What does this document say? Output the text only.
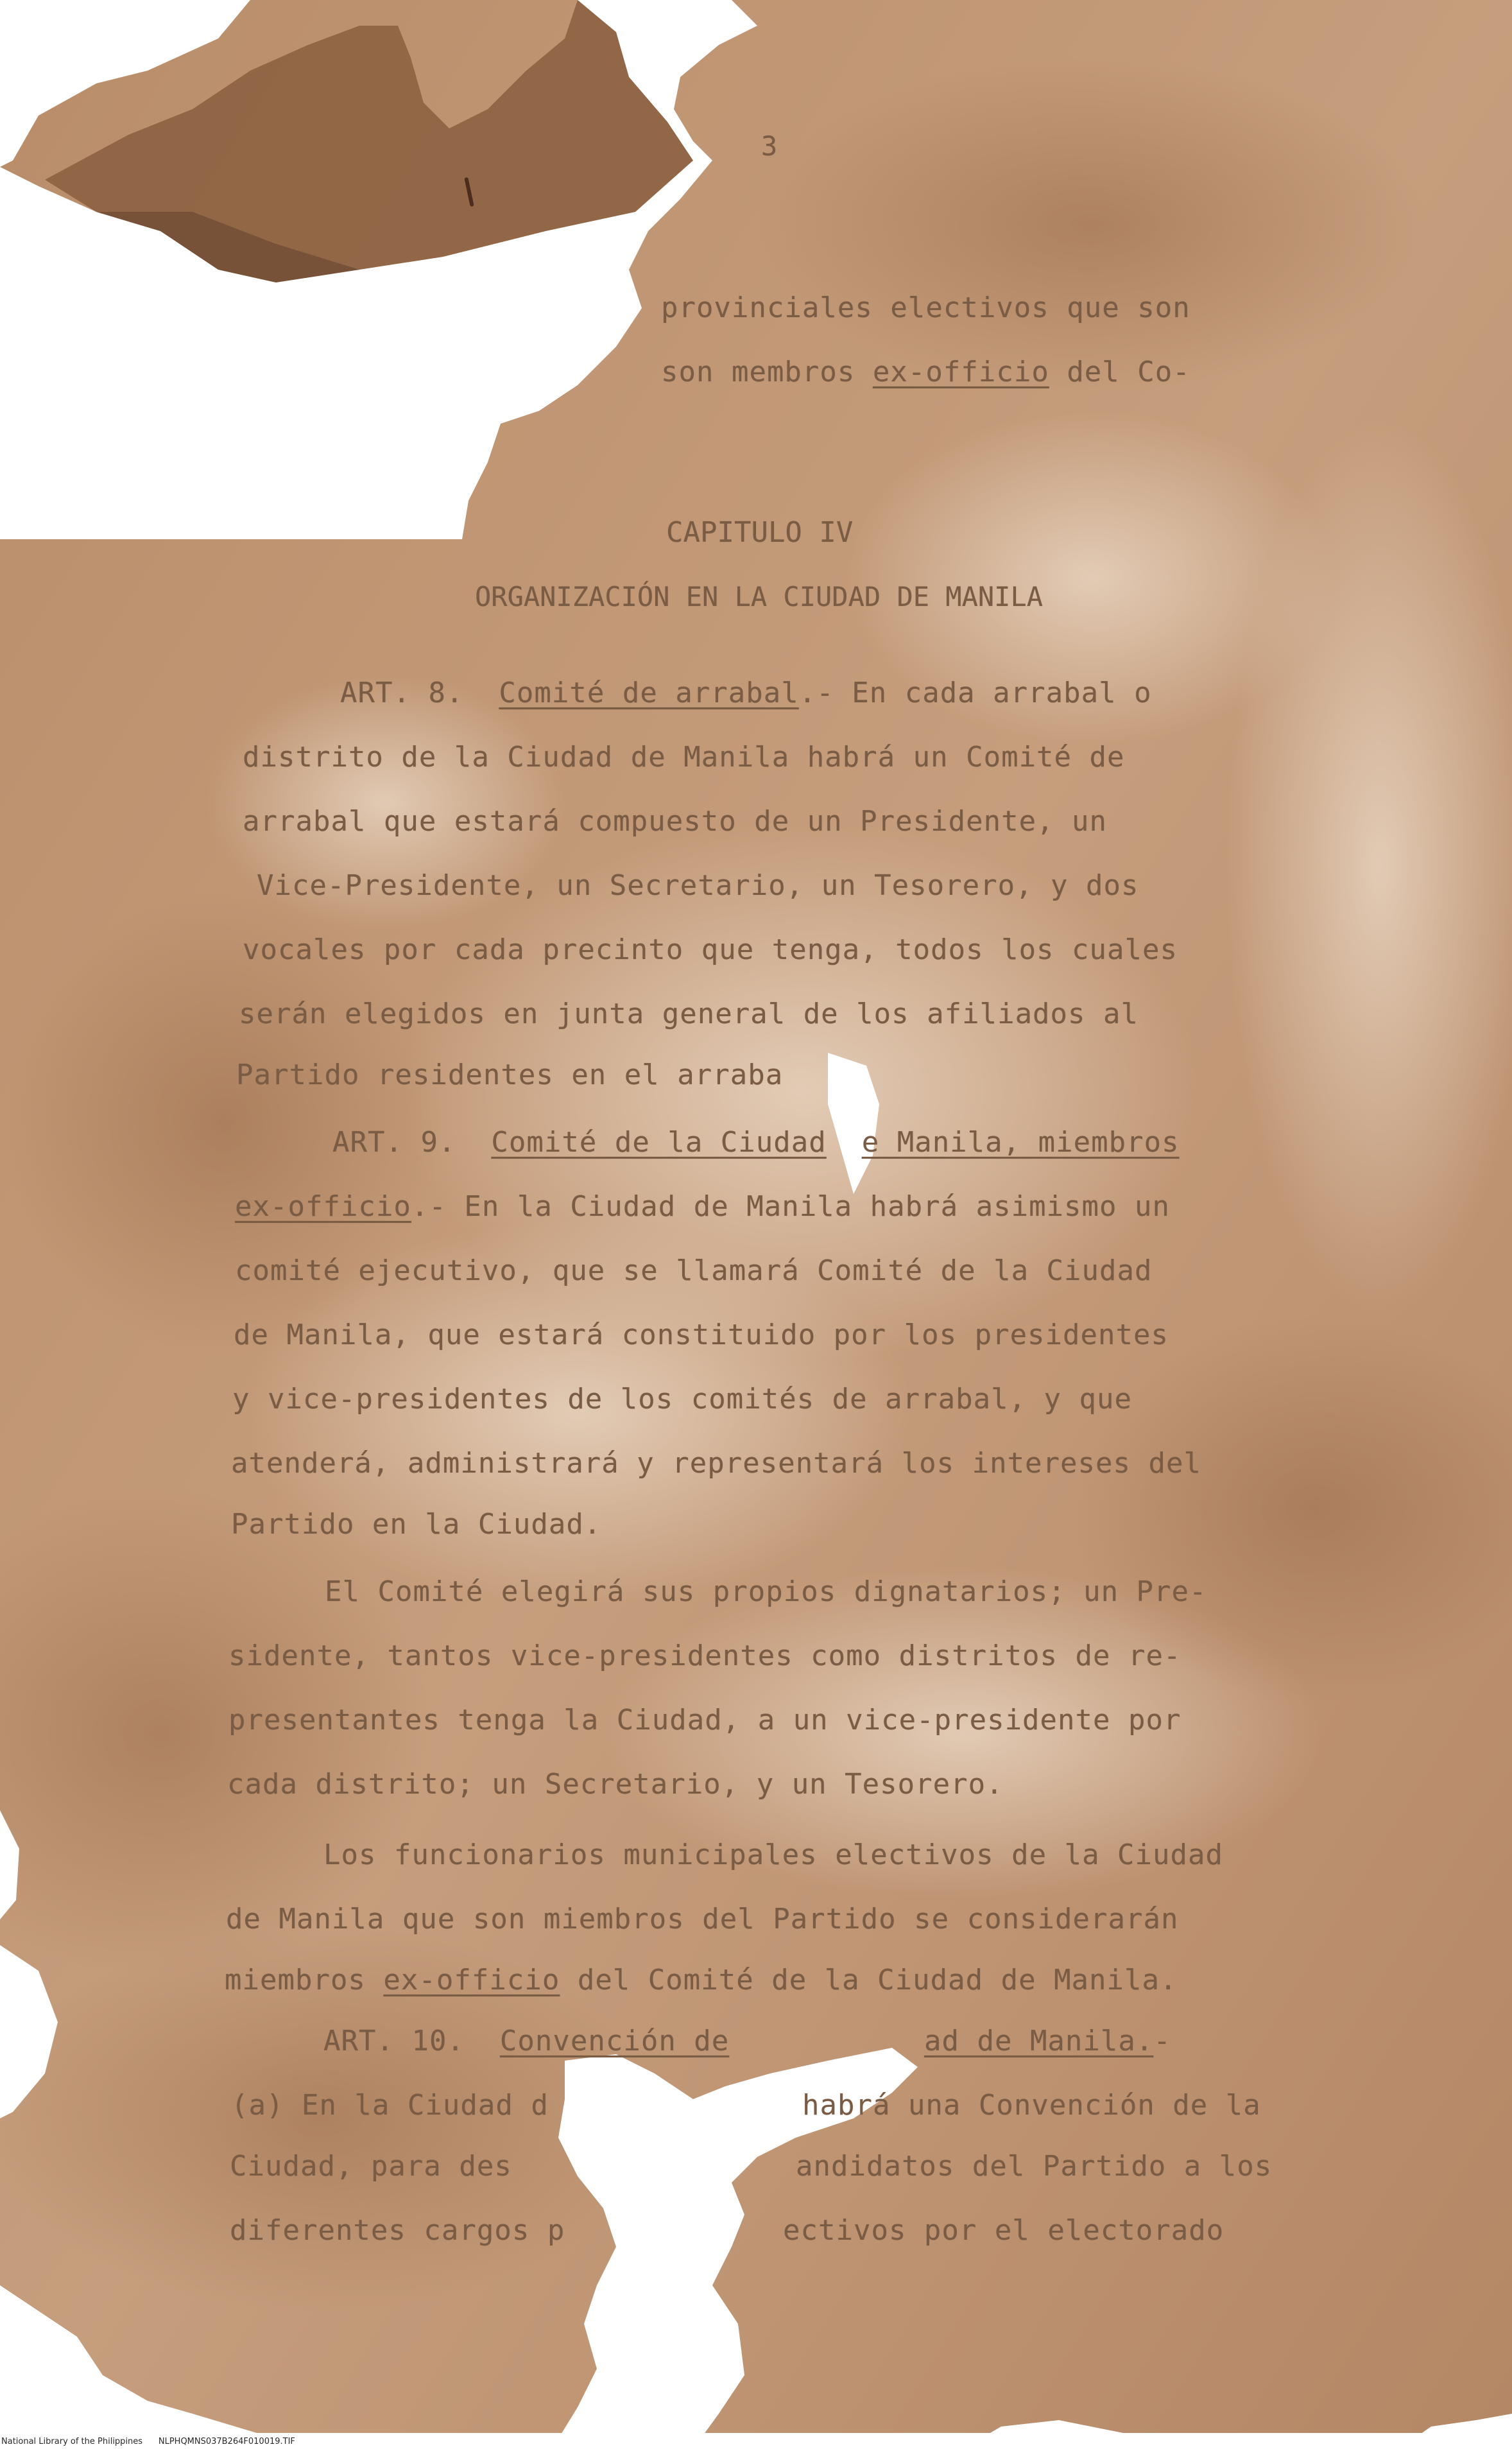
3

provinciales electivos que son

son membros ex-officio del Co-

CAPITULO IV

ORGANIZACIÓN EN LA CIUDAD DE MANILA

ART. 8. Comité de arrabal.- En cada arrabal o

distrito de la Ciudad de Manila habrá un Comité de

arrabal que estará compuesto de un Presidente, un

Vice-Presidente, un Secretario, un Tesorero, y dos

vocales por cada precinto que tenga, todos los cuales

serán elegidos en junta general de los afiliados al

Partido residentes en el arraba

ART. 9. Comité de la Ciudad e Manila, miembros

ex-officio.- En la Ciudad de Manila habrá asimismo un

comité ejecutivo, que se llamará Comité de la Ciudad

de Manila, que estará constituido por los presidentes

y vice-presidentes de los comités de arrabal, y que

atenderá, administrará y representará los intereses del

Partido en la Ciudad.

El Comité elegirá sus propios dignatarios; un Pre-

sidente, tantos vice-presidentes como distritos de re-

presentantes tenga la Ciudad, a un vice-presidente por

cada distrito; un Secretario, y un Tesorero.

Los funcionarios municipales electivos de la Ciudad

de Manila que son miembros del Partido se considerarán

miembros ex-officio del Comité de la Ciudad de Manila.

ART. 10. Convención de	ad de Manila.-

(a) En la Ciudad d	habrá una Convención de la

Ciudad, para des	andidatos del Partido a los

diferentes cargos p	ectivos por el electorado

National Library of the Philippines NLPHQMNS037B264F010019.TIF
